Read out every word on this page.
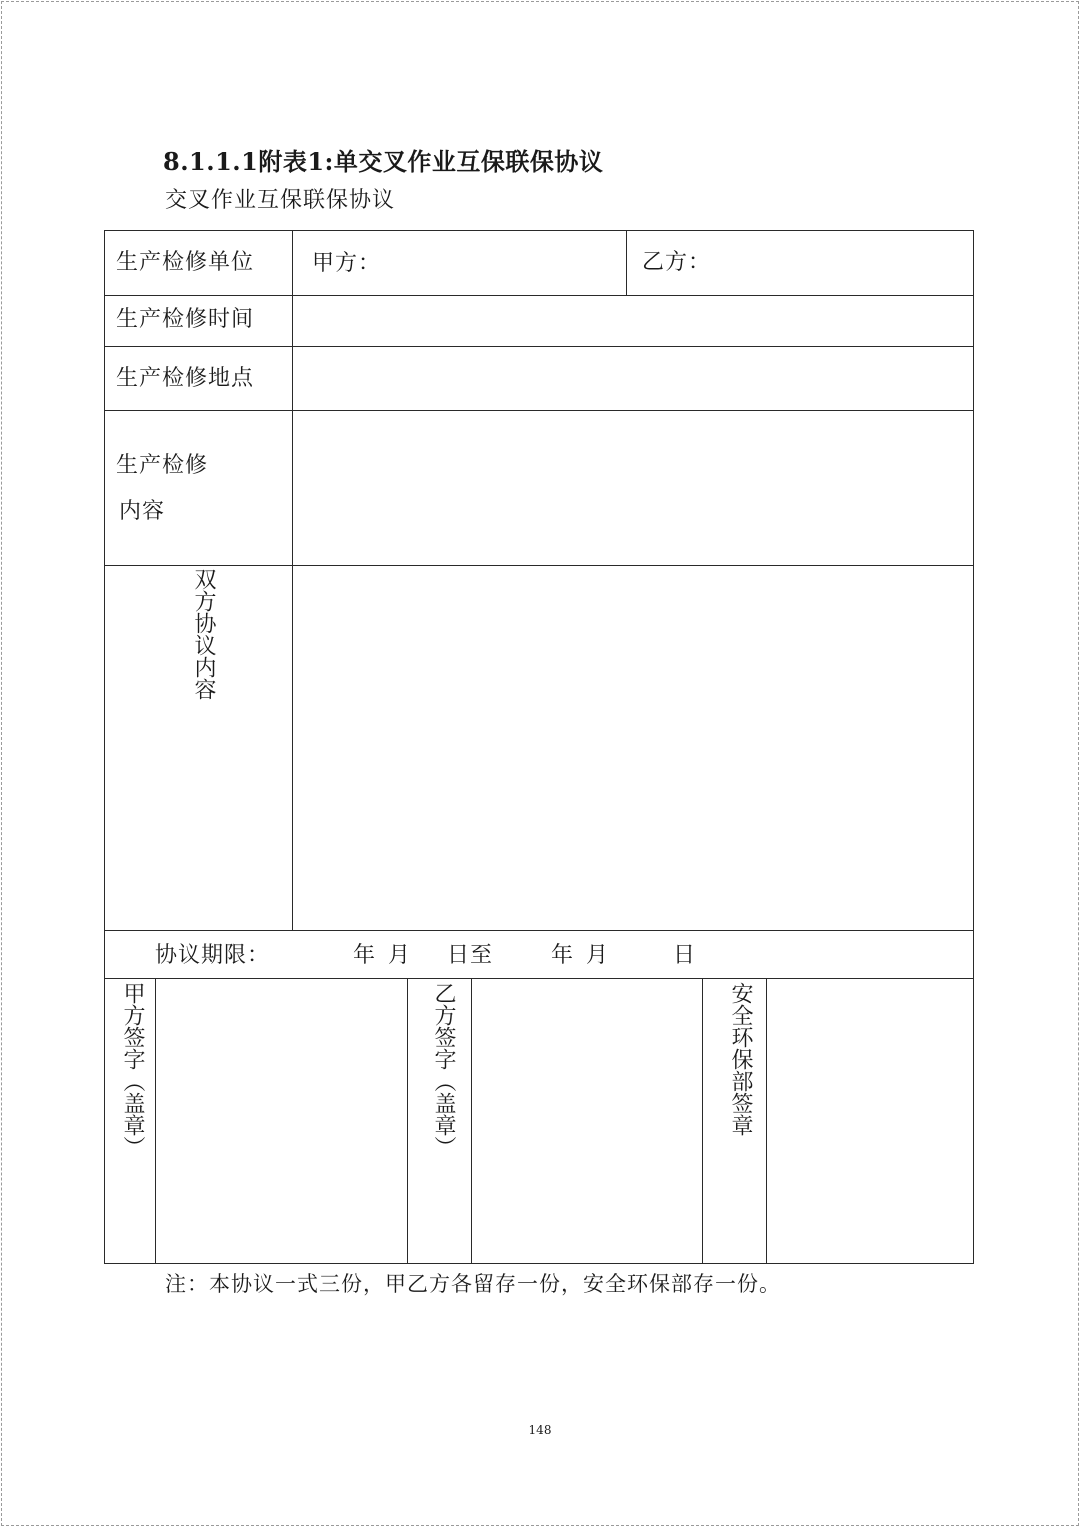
8.1.1.1附表1:单交叉作业互保联保协议
交叉作业互保联保协议
生产检修单位	甲方：	乙方：
生产检修时间
生产检修地点
生产检修
内容
双方协议内容
协议期限：	年 月 日至	年 月	日
甲方签字（盖章）	乙方签字（盖章）	安全环保部签章
注：本协议一式三份，甲乙方各留存一份，安全环保部存一份。
148
